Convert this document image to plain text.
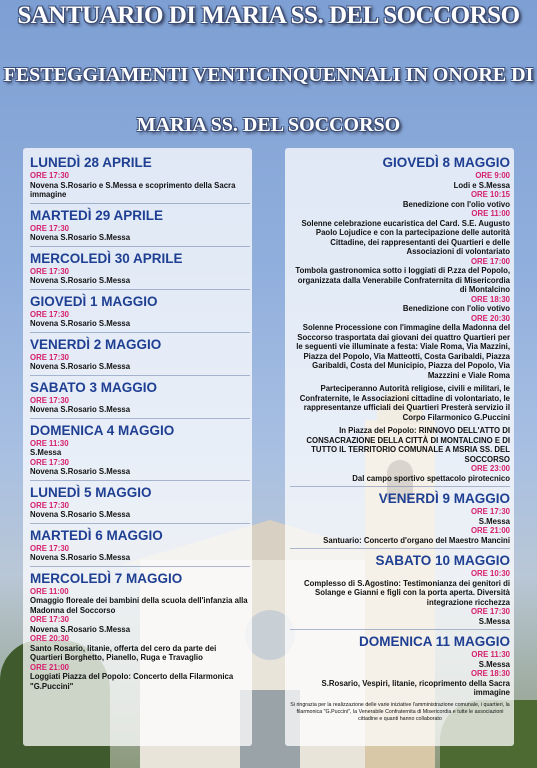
SANTUARIO DI MARIA SS. DEL SOCCORSO

FESTEGGIAMENTI VENTICINQUENNALI IN ONORE DI

MARIA SS. DEL SOCCORSO

LUNEDÌ 28 APRILE

ORE 17:30

Novena S.Rosario e S.Messa e scoprimento della Sacra immagine

MARTEDÌ 29 APRILE

ORE 17:30

Novena S.Rosario S.Messa

MERCOLEDÌ 30 APRILE

ORE 17:30

Novena S.Rosario S.Messa

GIOVEDÌ 1 MAGGIO

ORE 17:30

Novena S.Rosario S.Messa

VENERDÌ 2 MAGGIO

ORE 17:30

Novena S.Rosario S.Messa

SABATO 3 MAGGIO

ORE 17:30

Novena S.Rosario S.Messa

DOMENICA 4 MAGGIO

ORE 11:30

S.Messa

ORE 17:30

Novena S.Rosario S.Messa

LUNEDÌ 5 MAGGIO

ORE 17:30

Novena S.Rosario S.Messa

MARTEDÌ 6 MAGGIO

ORE 17:30

Novena S.Rosario S.Messa

MERCOLEDÌ 7 MAGGIO

ORE 11:00

Omaggio floreale dei bambini della scuola dell'infanzia alla Madonna del Soccorso

ORE 17:30

Novena S.Rosario S.Messa

ORE 20:30

Santo Rosario, litanie, offerta del cero da parte dei Quartieri Borghetto, Pianello, Ruga e Travaglio

ORE 21:00

Loggiati Piazza del Popolo: Concerto della Filarmonica "G.Puccini"

GIOVEDÌ 8 MAGGIO

ORE 9:00

Lodi e S.Messa

ORE 10:15

Benedizione con l'olio votivo

ORE 11:00

Solenne celebrazione eucaristica del Card. S.E. Augusto Paolo Lojudice e con la partecipazione delle autorità Cittadine, dei rappresentanti dei Quartieri e delle Associazioni di volontariato

ORE 17:00

Tombola gastronomica sotto i loggiati di P.zza del Popolo, organizzata dalla Venerabile Confraternita di Misericordia di Montalcino

ORE 18:30

Benedizione con l'olio votivo

ORE 20:30

Solenne Processione con l'immagine della Madonna del Soccorso trasportata dai giovani dei quattro Quartieri per le seguenti vie illuminate a festa: Viale Roma, Via Mazzini, Piazza del Popolo, Via Matteotti, Costa Garibaldi, Piazza Garibaldi, Costa del Municipio, Piazza del Popolo, Via Mazzzini e Viale Roma

Parteciperanno Autorità religiose, civili e militari, le Confraternite, le Associazioni cittadine di volontariato, le rappresentanze ufficiali dei Quartieri Presterà servizio il Corpo Filarmonico G.Puccini

In Piazza del Popolo: RINNOVO DELL'ATTO DI CONSACRAZIONE DELLA CITTÀ DI MONTALCINO E DI TUTTO IL TERRITORIO COMUNALE A MSRIA SS. DEL SOCCORSO

ORE 23:00

Dal campo sportivo spettacolo pirotecnico

VENERDÌ 9 MAGGIO

ORE 17:30

S.Messa

ORE 21:00

Santuario: Concerto d'organo del Maestro Mancini

SABATO 10 MAGGIO

ORE 10:30

Complesso di S.Agostino: Testimonianza dei genitori di Solange e Gianni e figli con la porta aperta. Diversità integrazione ricchezza

ORE 17:30

S.Messa

DOMENICA 11 MAGGIO

ORE 11:30

S.Messa

ORE 18:30

S.Rosario, Vespiri, litanie, ricoprimento della Sacra immagine

Si ringrazia per la realizzazione delle varie iniziative l'amministrazione comunale, i quartieri, la filarmonica "G.Puccini", la Venerabile Confraternita di Misericordia e tutte le associazioni cittadine e quanti hanno collaborato
